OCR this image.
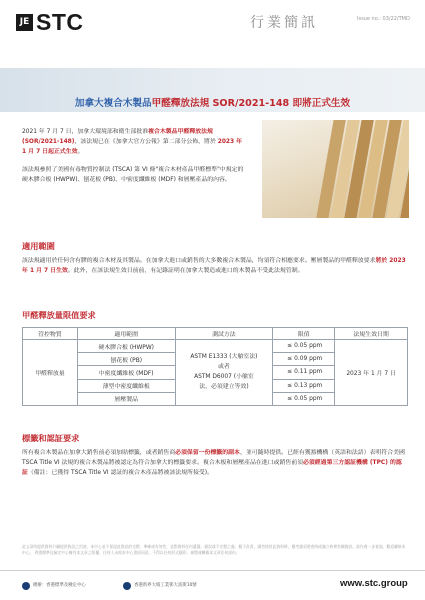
JE STC	行業簡訊	Issue no.: 03/22/TMD
加拿大複合木製品甲醛釋放法規 SOR/2021-148 即將正式生效

2021 年 7 月 7 日，加拿大環境部和衛生部批准複合木製品甲醛釋放法規 (SOR/2021-148)，該法規已在《加拿大官方公報》第二部分公佈，將於 2023 年 1 月 7 日起正式生效。

該法規參照了美國有毒物質控制法 (TSCA) 第 VI 條"複合木材產品甲醛標準"中規定的硬木膠合板 (HWPW)、刨花板 (PB)、中密度纖維板 (MDF) 和層壓產品的內容。

適用範圍
該法規適用於任何含有膠的複合木材及其製品。在加拿大進口或銷售的大多數複合木製品，均須符合相應要求。壓層製品的甲醛釋放要求將於 2023 年 1 月 7 日生效。此外，在該法規生效日前前，有記錄証明在加拿大製造或進口的木製品不受此法規管制。
甲醛釋放量限值要求
管控物質	適用範圍	測試方法	限值	法規生效日期
甲醛釋放量	硬木膠合板 (HWPW)	ASTM E1333 (大艙室法)
或者
ASTM D6007 (小艙室
法，必須建立等效)	≤ 0.05 ppm	2023 年 1 月 7 日
	刨花板 (PB)		≤ 0.09 ppm	
	中密度纖維板 (MDF)		≤ 0.11 ppm	
	薄型中密度纖維板		≤ 0.13 ppm	
	層壓製品		≤ 0.05 ppm	
標籤和認証要求
所有複合木製品在加拿大銷售前必須加貼標籤，或者銷售商必須保留一份標籤的副本，並可隨時提供。已經有獲豁機構（英語和法語）表明符合美國 TSCA Title VI 法規的複合木製品將被認定為符合加拿大的標籤要求。複合木板和層壓產品在進口或銷售前須必須經過第三方認証機構 (TPC) 的認証（備註：已獲得 TSCA Title VI 認証的複合木產品將被該法規所接受)。
此文章所提供資料只屬提供資訊之用途，本中心並不保證此資訊的完整、準確或有效性，並對資料任何遺漏、錯誤或不完整之處，概不負責。讀者使用此資料時，應考慮須要查明或獨立核實有關資訊。欲作進一步查詢，歡迎聯絡本中心。 香港標準及檢定中心擁有本文章之版權，任何人未經本中心書面同意，不得以任何形式翻印、複製或轉載本文章任何部份。
總辦：香港標準及檢定中心	香港新界大埔工業邨大富街10號	www.stc.group
